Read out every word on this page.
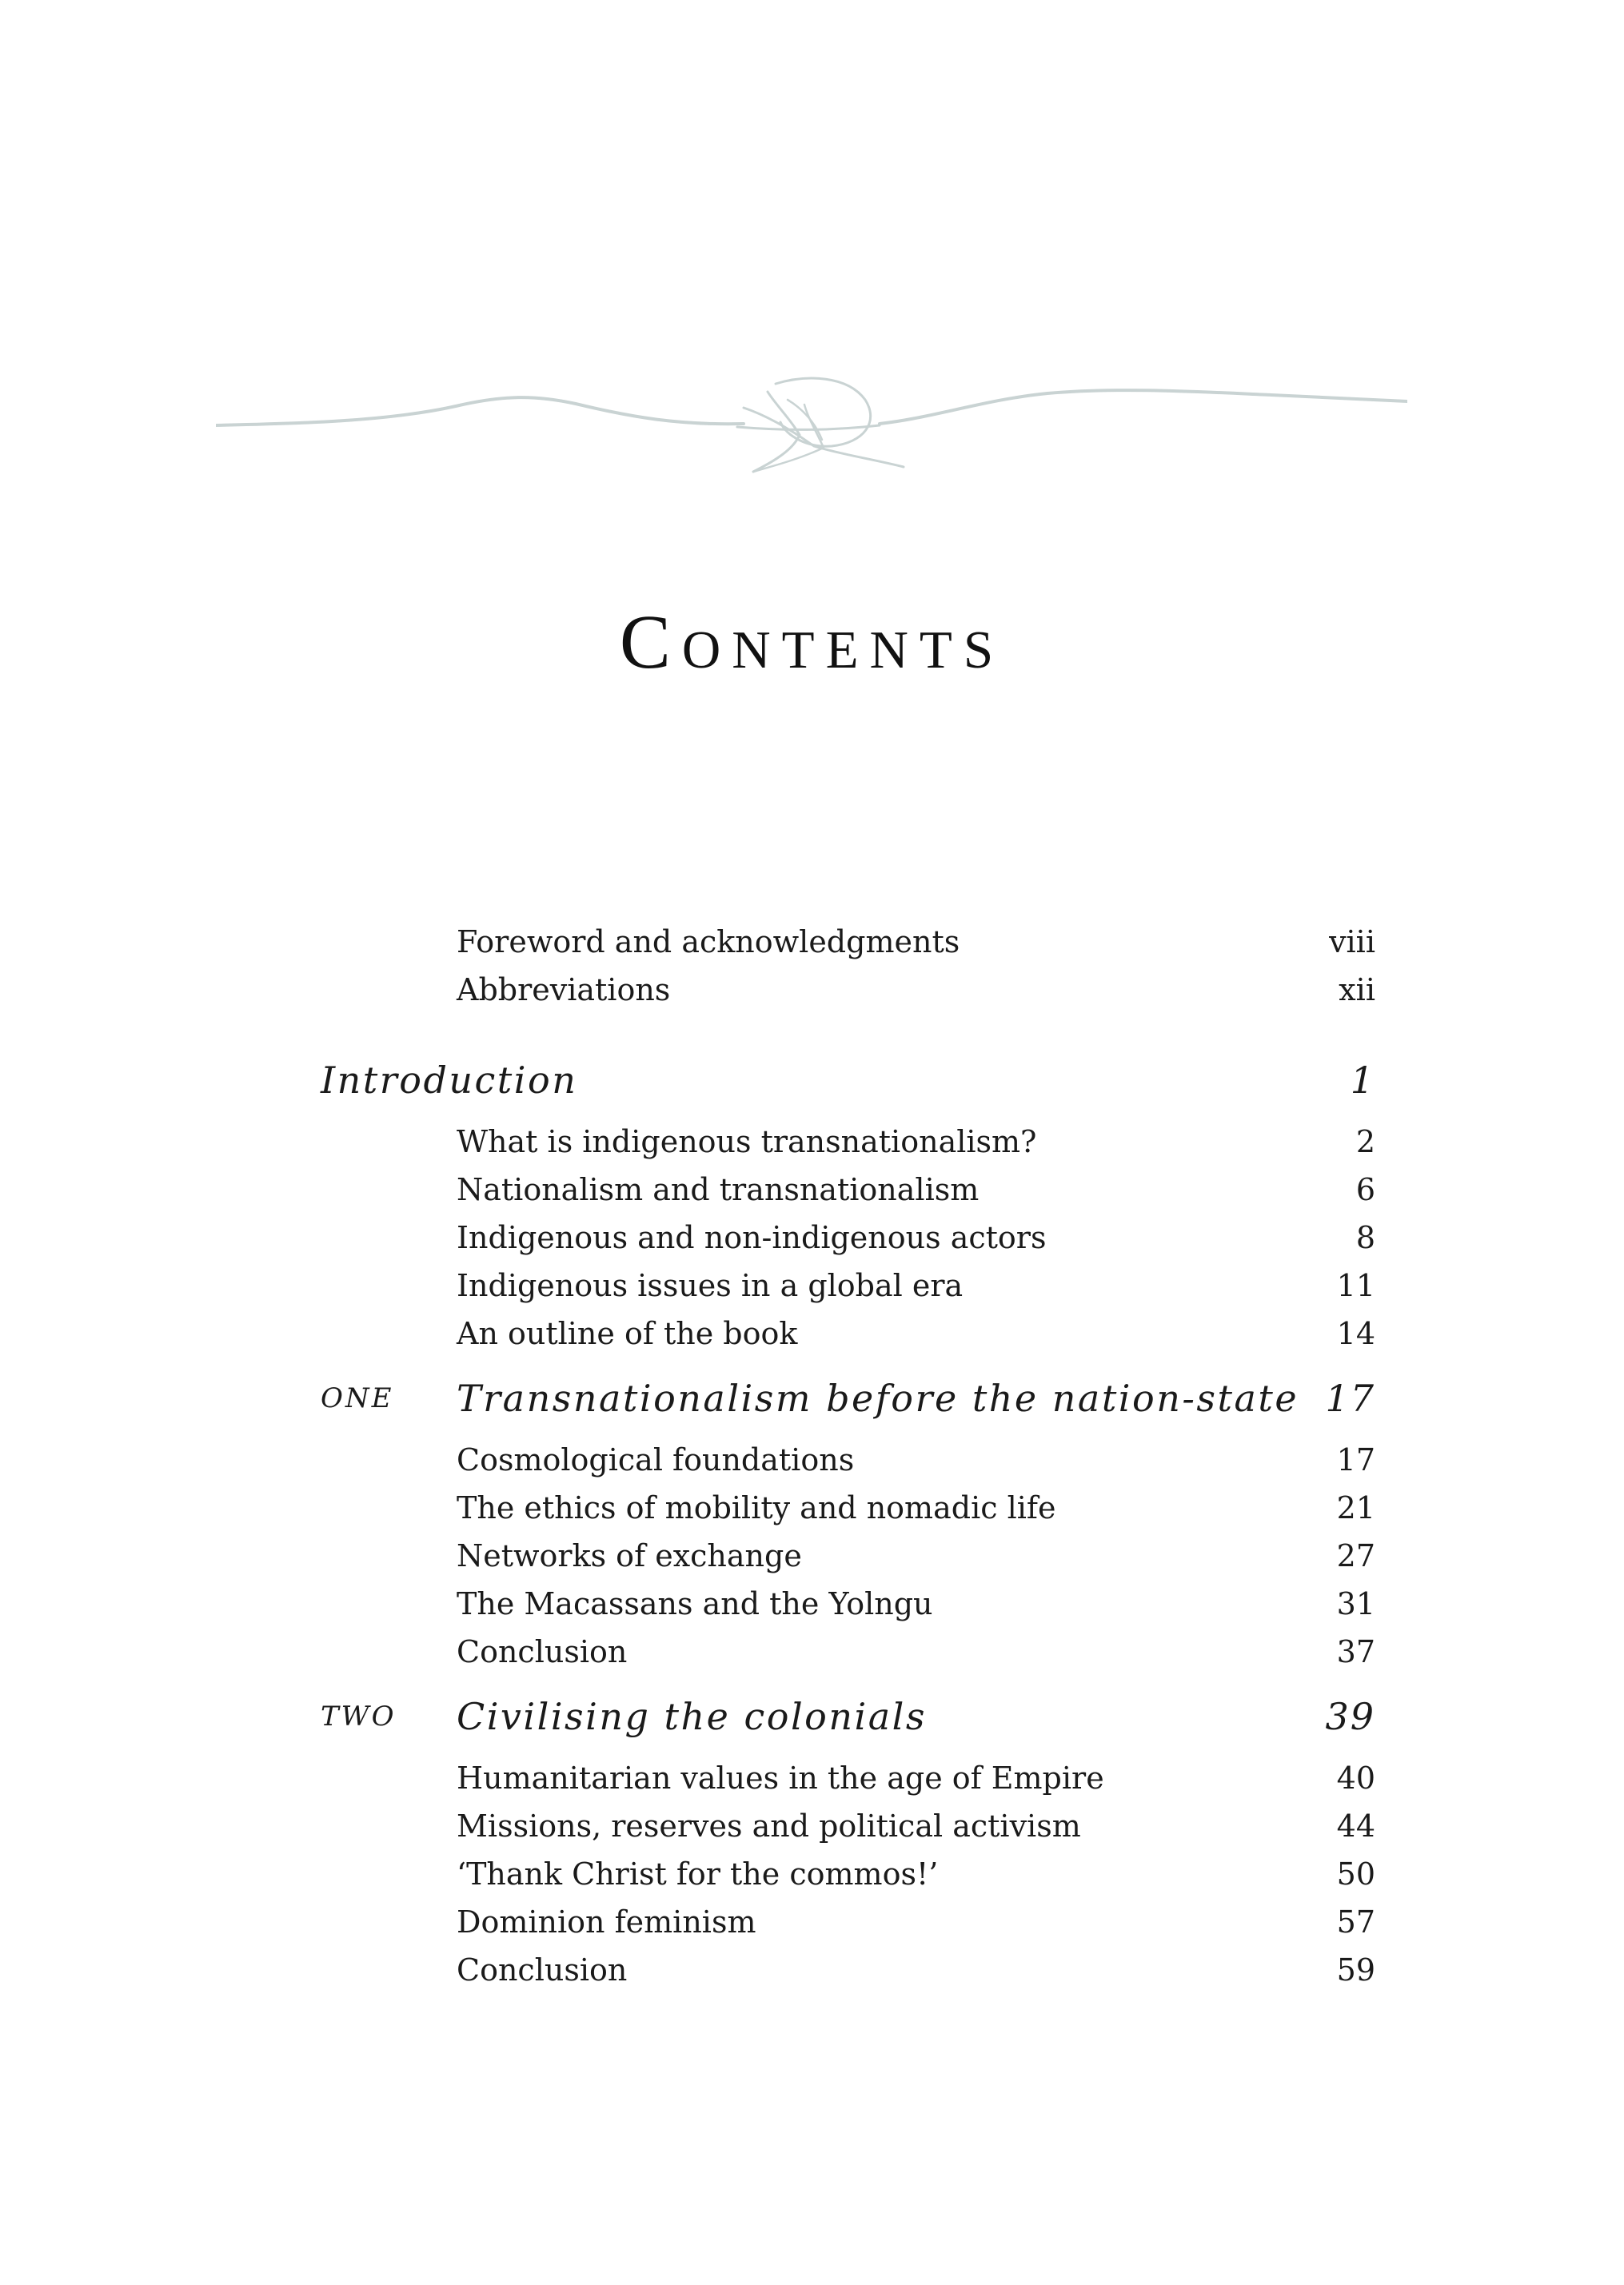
Contents
Foreword and acknowledgments	viii
Abbreviations	xii
Introduction	1
What is indigenous transnationalism?	2
Nationalism and transnationalism	6
Indigenous and non-indigenous actors	8
Indigenous issues in a global era	11
An outline of the book	14
ONE Transnationalism before the nation-state 17
Cosmological foundations	17
The ethics of mobility and nomadic life	21
Networks of exchange	27
The Macassans and the Yolngu	31
Conclusion	37
TWO Civilising the colonials	39
Humanitarian values in the age of Empire	40
Missions, reserves and political activism	44
‘Thank Christ for the commos!’	50
Dominion feminism	57
Conclusion	59
